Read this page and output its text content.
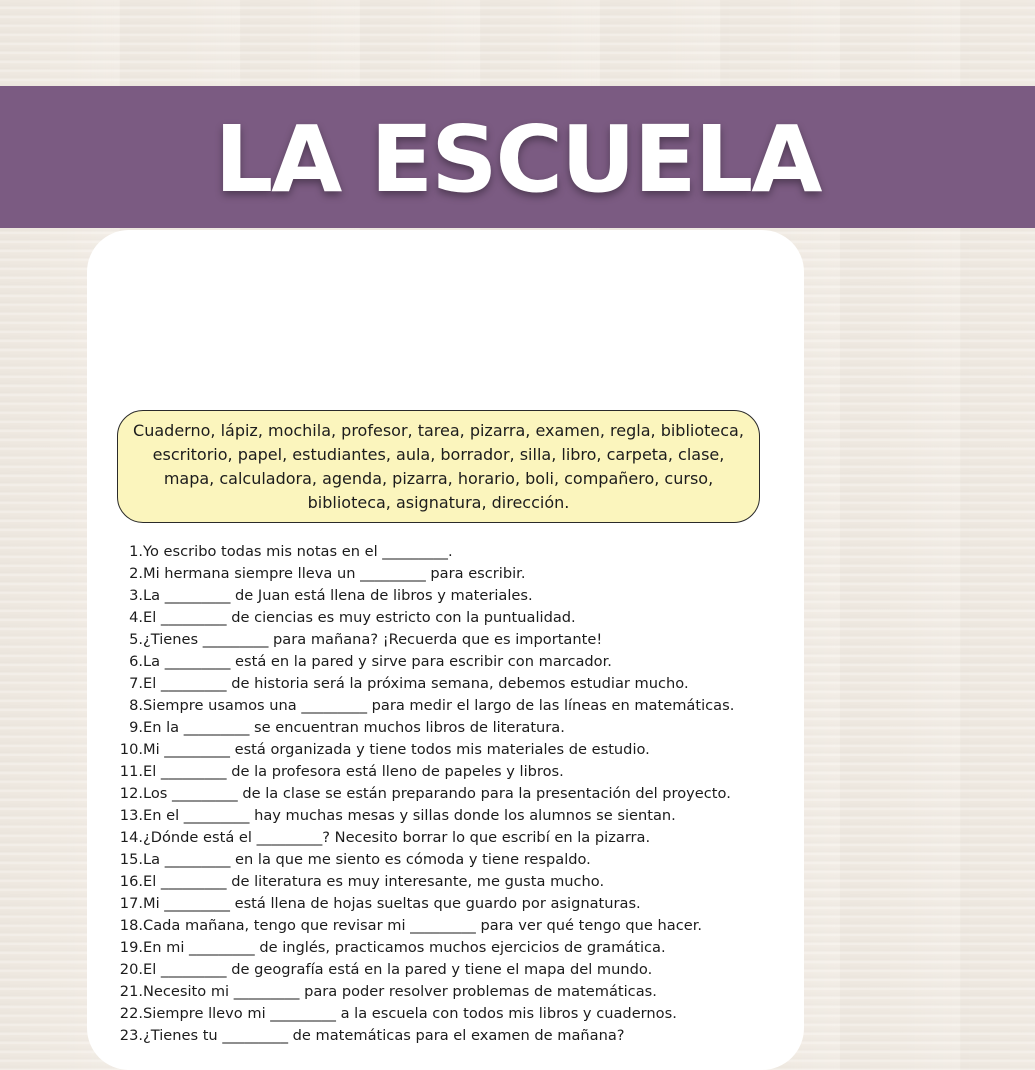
LA ESCUELA

Cuaderno, lápiz, mochila, profesor, tarea, pizarra, examen, regla, biblioteca, escritorio, papel, estudiantes, aula, borrador, silla, libro, carpeta, clase, mapa, calculadora, agenda, pizarra, horario, boli, compañero, curso, biblioteca, asignatura, dirección.

1. Yo escribo todas mis notas en el _________.
2. Mi hermana siempre lleva un _________ para escribir.
3. La _________ de Juan está llena de libros y materiales.
4. El _________ de ciencias es muy estricto con la puntualidad.
5. ¿Tienes _________ para mañana? ¡Recuerda que es importante!
6. La _________ está en la pared y sirve para escribir con marcador.
7. El _________ de historia será la próxima semana, debemos estudiar mucho.
8. Siempre usamos una _________ para medir el largo de las líneas en matemáticas.
9. En la _________ se encuentran muchos libros de literatura.
10. Mi _________ está organizada y tiene todos mis materiales de estudio.
11. El _________ de la profesora está lleno de papeles y libros.
12. Los _________ de la clase se están preparando para la presentación del proyecto.
13. En el _________ hay muchas mesas y sillas donde los alumnos se sientan.
14. ¿Dónde está el _________? Necesito borrar lo que escribí en la pizarra.
15. La _________ en la que me siento es cómoda y tiene respaldo.
16. El _________ de literatura es muy interesante, me gusta mucho.
17. Mi _________ está llena de hojas sueltas que guardo por asignaturas.
18. Cada mañana, tengo que revisar mi _________ para ver qué tengo que hacer.
19. En mi _________ de inglés, practicamos muchos ejercicios de gramática.
20. El _________ de geografía está en la pared y tiene el mapa del mundo.
21. Necesito mi _________ para poder resolver problemas de matemáticas.
22. Siempre llevo mi _________ a la escuela con todos mis libros y cuadernos.
23. ¿Tienes tu _________ de matemáticas para el examen de mañana?
